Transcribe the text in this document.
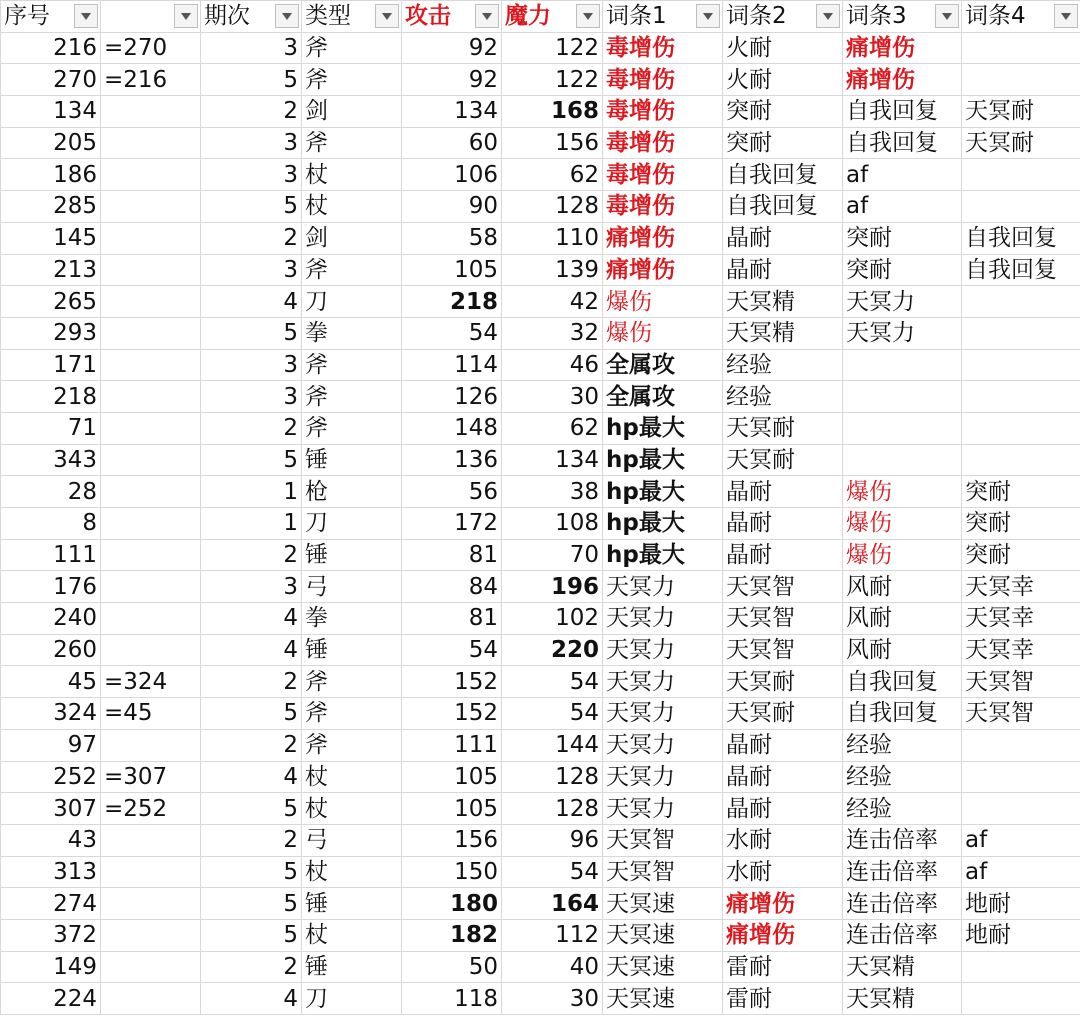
序号		期次	类型	攻击	魔力	词条1	词条2	词条3	词条4

216	=270	3	斧	92	122	毒增伤	火耐	痛增伤	
270	=216	5	斧	92	122	毒增伤	火耐	痛增伤	
134		2	剑	134	168	毒增伤	突耐	自我回复	天冥耐
205		3	斧	60	156	毒增伤	突耐	自我回复	天冥耐
186		3	杖	106	62	毒增伤	自我回复	af	
285		5	杖	90	128	毒增伤	自我回复	af	
145		2	剑	58	110	痛增伤	晶耐	突耐	自我回复
213		3	斧	105	139	痛增伤	晶耐	突耐	自我回复
265		4	刀	218	42	爆伤	天冥精	天冥力	
293		5	拳	54	32	爆伤	天冥精	天冥力	
171		3	斧	114	46	全属攻	经验		
218		3	斧	126	30	全属攻	经验		
71		2	斧	148	62	hp最大	天冥耐		
343		5	锤	136	134	hp最大	天冥耐		
28		1	枪	56	38	hp最大	晶耐	爆伤	突耐
8		1	刀	172	108	hp最大	晶耐	爆伤	突耐
111		2	锤	81	70	hp最大	晶耐	爆伤	突耐
176		3	弓	84	196	天冥力	天冥智	风耐	天冥幸
240		4	拳	81	102	天冥力	天冥智	风耐	天冥幸
260		4	锤	54	220	天冥力	天冥智	风耐	天冥幸
45	=324	2	斧	152	54	天冥力	天冥耐	自我回复	天冥智
324	=45	5	斧	152	54	天冥力	天冥耐	自我回复	天冥智
97		2	斧	111	144	天冥力	晶耐	经验	
252	=307	4	杖	105	128	天冥力	晶耐	经验	
307	=252	5	杖	105	128	天冥力	晶耐	经验	
43		2	弓	156	96	天冥智	水耐	连击倍率	af
313		5	杖	150	54	天冥智	水耐	连击倍率	af
274		5	锤	180	164	天冥速	痛增伤	连击倍率	地耐
372		5	杖	182	112	天冥速	痛增伤	连击倍率	地耐
149		2	锤	50	40	天冥速	雷耐	天冥精	
224		4	刀	118	30	天冥速	雷耐	天冥精	
